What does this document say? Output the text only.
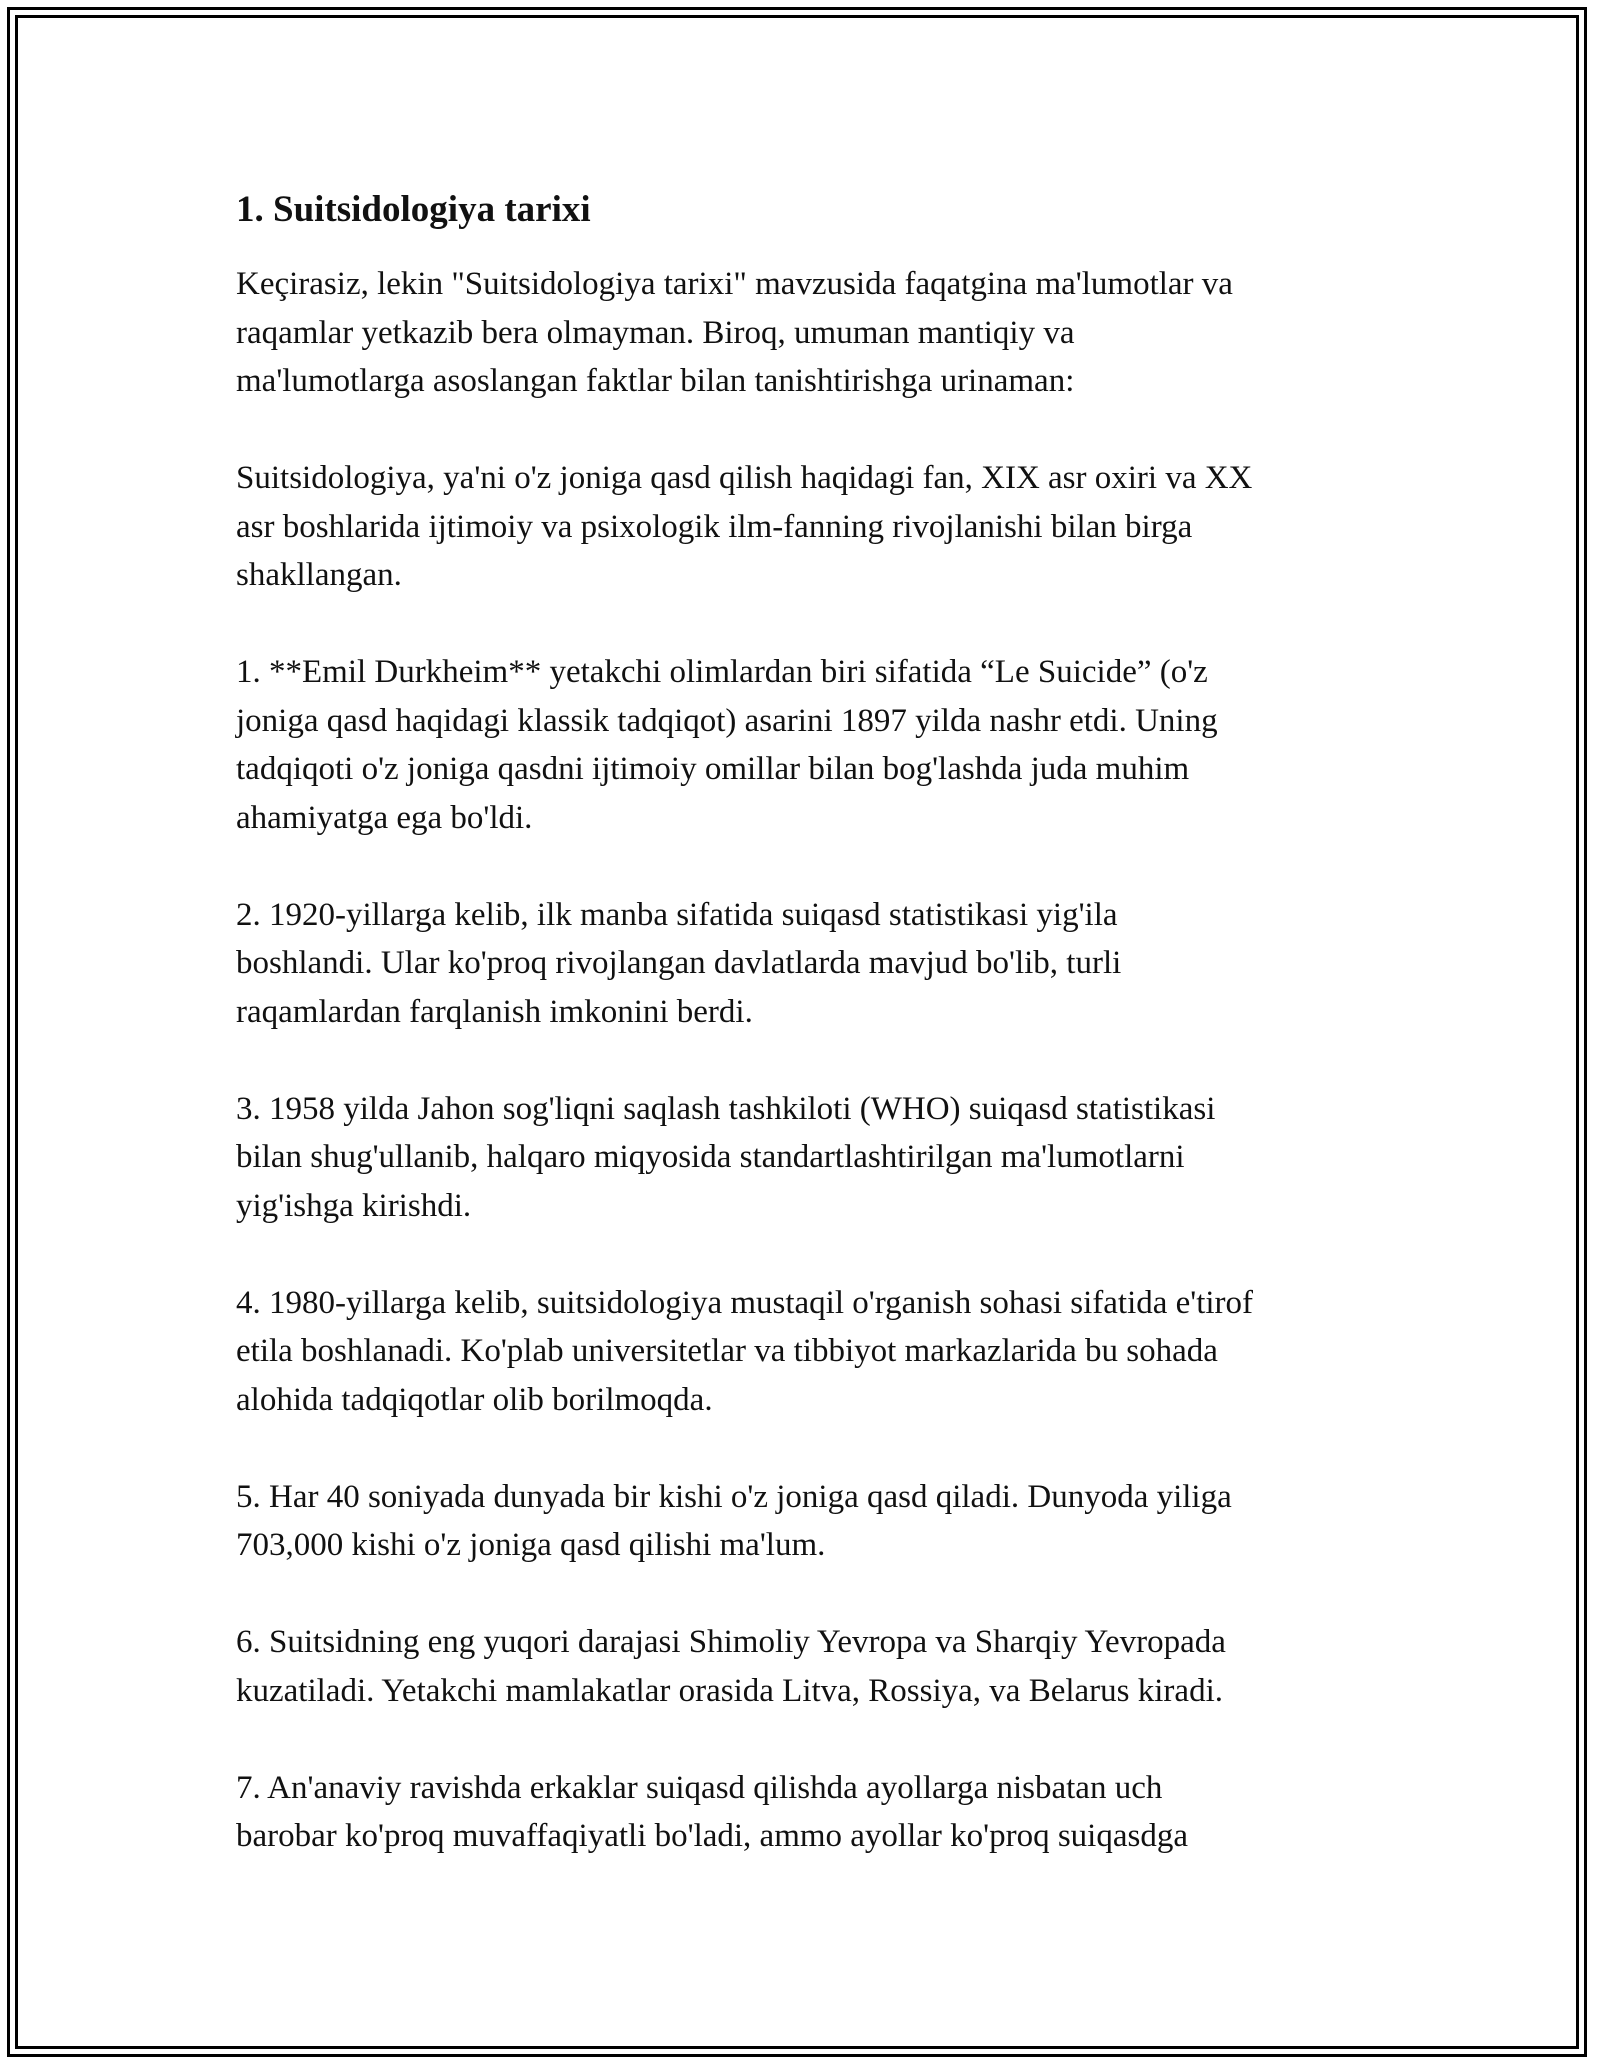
1. Suitsidologiya tarixi

Keçirasiz, lekin "Suitsidologiya tarixi" mavzusida faqatgina ma'lumotlar va
raqamlar yetkazib bera olmayman. Biroq, umuman mantiqiy va
ma'lumotlarga asoslangan faktlar bilan tanishtirishga urinaman:

Suitsidologiya, ya'ni o'z joniga qasd qilish haqidagi fan, XIX asr oxiri va XX
asr boshlarida ijtimoiy va psixologik ilm-fanning rivojlanishi bilan birga
shakllangan.

1. **Emil Durkheim** yetakchi olimlardan biri sifatida “Le Suicide” (o'z
joniga qasd haqidagi klassik tadqiqot) asarini 1897 yilda nashr etdi. Uning
tadqiqoti o'z joniga qasdni ijtimoiy omillar bilan bog'lashda juda muhim
ahamiyatga ega bo'ldi.

2. 1920-yillarga kelib, ilk manba sifatida suiqasd statistikasi yig'ila
boshlandi. Ular ko'proq rivojlangan davlatlarda mavjud bo'lib, turli
raqamlardan farqlanish imkonini berdi.

3. 1958 yilda Jahon sog'liqni saqlash tashkiloti (WHO) suiqasd statistikasi
bilan shug'ullanib, halqaro miqyosida standartlashtirilgan ma'lumotlarni
yig'ishga kirishdi.

4. 1980-yillarga kelib, suitsidologiya mustaqil o'rganish sohasi sifatida e'tirof
etila boshlanadi. Ko'plab universitetlar va tibbiyot markazlarida bu sohada
alohida tadqiqotlar olib borilmoqda.

5. Har 40 soniyada dunyada bir kishi o'z joniga qasd qiladi. Dunyoda yiliga
703,000 kishi o'z joniga qasd qilishi ma'lum.

6. Suitsidning eng yuqori darajasi Shimoliy Yevropa va Sharqiy Yevropada
kuzatiladi. Yetakchi mamlakatlar orasida Litva, Rossiya, va Belarus kiradi.

7. An'anaviy ravishda erkaklar suiqasd qilishda ayollarga nisbatan uch
barobar ko'proq muvaffaqiyatli bo'ladi, ammo ayollar ko'proq suiqasdga
